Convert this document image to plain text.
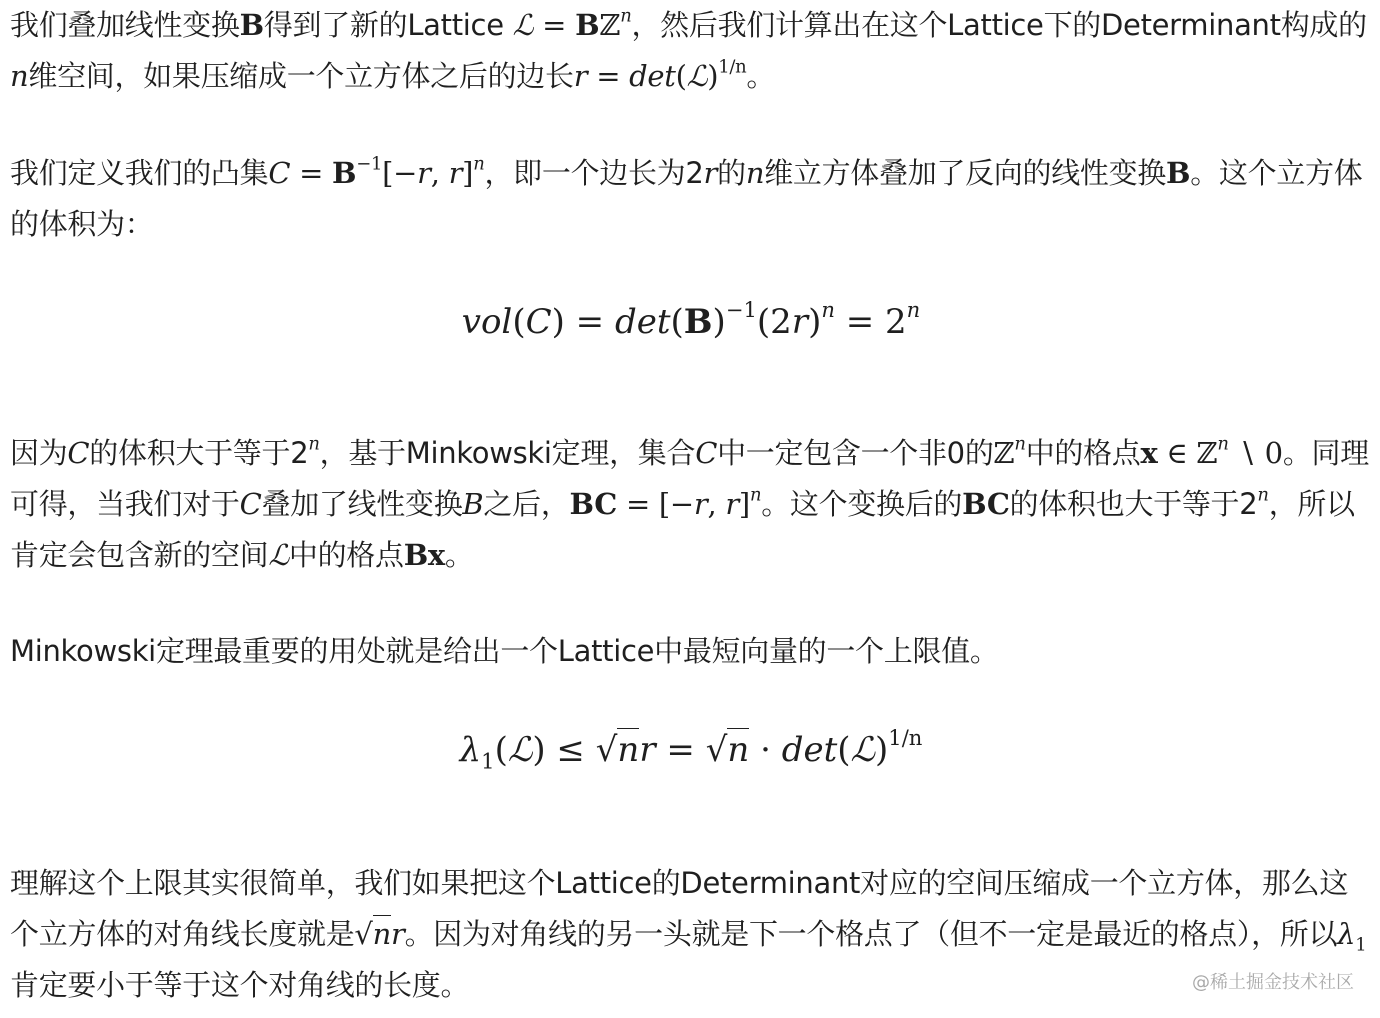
我们叠加线性变换B得到了新的Lattice ℒ = Bℤ$^n$，然后我们计算出在这个Lattice下的Determinant构成的n维空间，如果压缩成一个立方体之后的边长r = det(ℒ)$^{1/n}$。

我们定义我们的凸集$C = B^{-1}[-r$, r]$^n$，即一个边长为2r的n维立方体叠加了反向的线性变换B。这个立方体的体积为：

$vol(C) = \det(B)^{-1}(2r)^n = 2^n$

因为C的体积大于等于2$^n$，基于Minkowski定理，集合C中一定包含一个非0的ℤ$^n$中的格点x ∈ ℤ$^n$ ∖ 0。同理可得，当我们对于C叠加了线性变换B之后，BC = [−r, r]$^n$。这个变换后的BC的体积也大于等于2$^n$，所以肯定会包含新的空间ℒ中的格点Bx。

Minkowski定理最重要的用处就是给出一个Lattice中最短向量的一个上限值。

$\lambda_1(ℒ) \le √nr = √n$ · det(ℒ)$^{1/n}$

理解这个上限其实很简单，我们如果把这个Lattice的Determinant对应的空间压缩成一个立方体，那么这个立方体的对角线长度就是√nr。因为对角线的另一头就是下一个格点了（但不一定是最近的格点），所以$\lambda_1$ 肯定要小于等于这个对角线的长度。	@稀土掘金技术社区
